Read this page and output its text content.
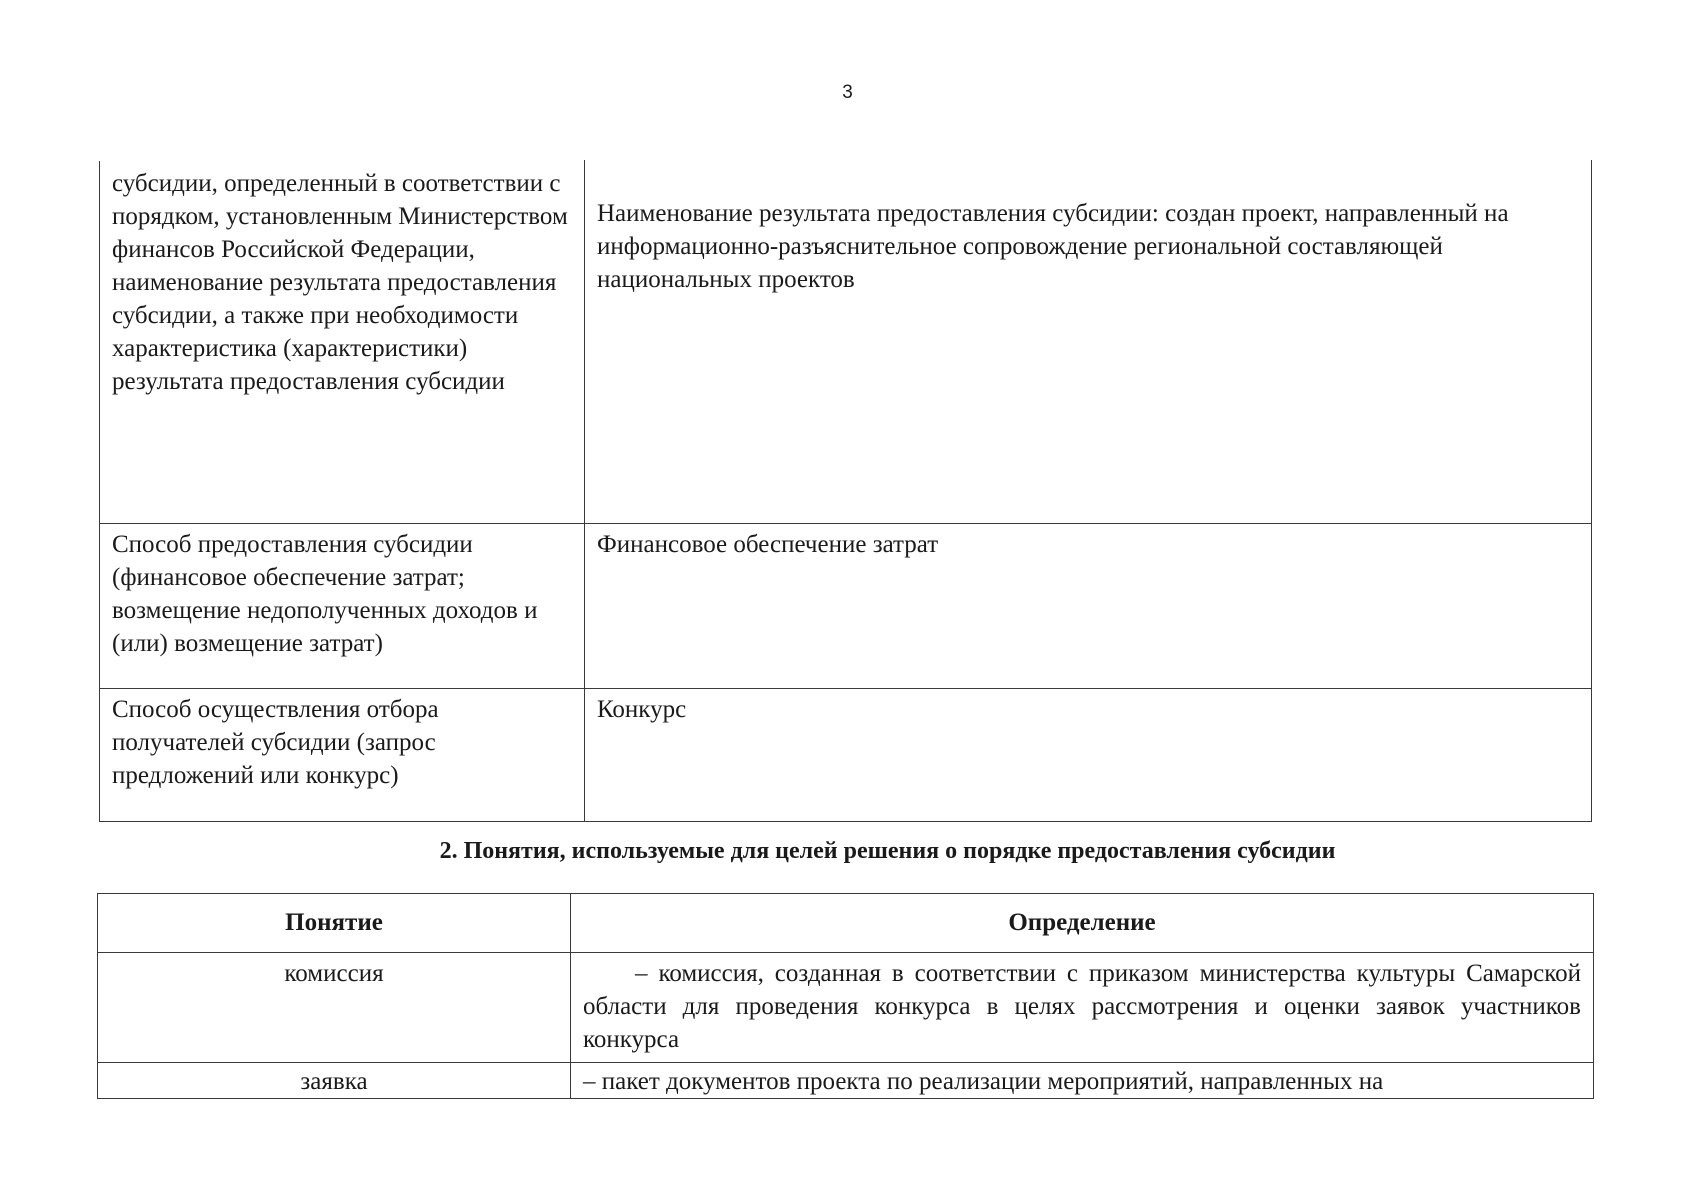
3
субсидии, определенный в соответствии с порядком, установленным Министерством финансов Российской Федерации, наименование результата предоставления субсидии, а также при необходимости характеристика (характеристики) результата предоставления субсидии	Наименование результата предоставления субсидии: создан проект, направленный на информационно-разъяснительное сопровождение региональной составляющей национальных проектов
Способ предоставления субсидии (финансовое обеспечение затрат; возмещение недополученных доходов и (или) возмещение затрат)	Финансовое обеспечение затрат
Способ осуществления отбора получателей субсидии (запрос предложений или конкурс)	Конкурс
2. Понятия, используемые для целей решения о порядке предоставления субсидии
Понятие	Определение
комиссия	– комиссия, созданная в соответствии с приказом министерства культуры Самарской области для проведения конкурса в целях рассмотрения и оценки заявок участников конкурса
заявка	– пакет документов проекта по реализации мероприятий, направленных на
